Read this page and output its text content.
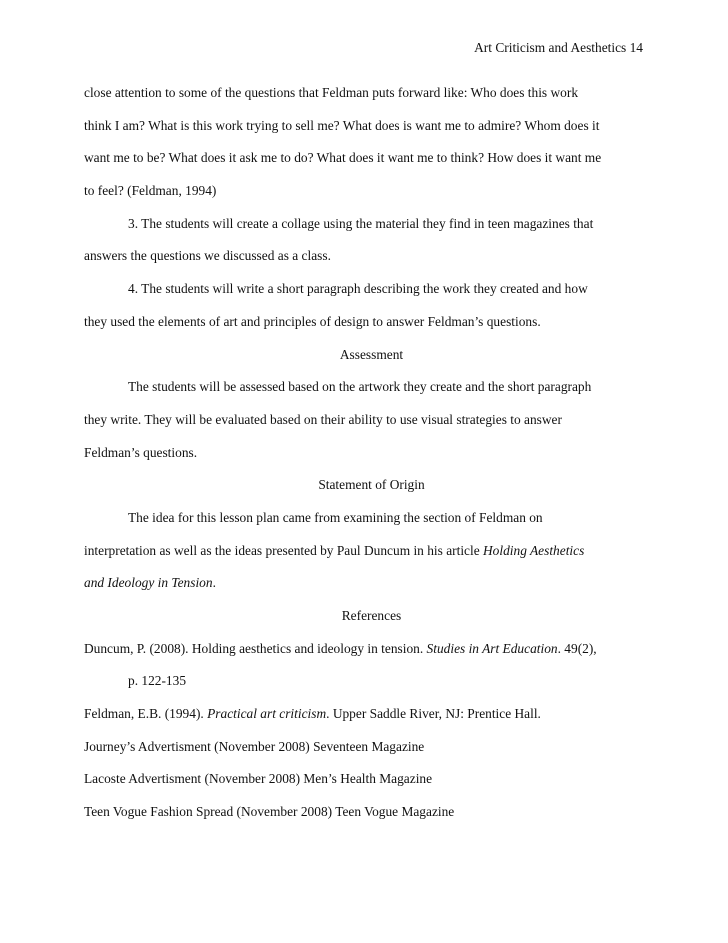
Art Criticism and Aesthetics 14
close attention to some of the questions that Feldman puts forward like: Who does this work
think I am? What is this work trying to sell me? What does is want me to admire? Whom does it
want me to be? What does it ask me to do? What does it want me to think? How does it want me
to feel? (Feldman, 1994)
3. The students will create a collage using the material they find in teen magazines that
answers the questions we discussed as a class.
4. The students will write a short paragraph describing the work they created and how
they used the elements of art and principles of design to answer Feldman’s questions.
Assessment
The students will be assessed based on the artwork they create and the short paragraph
they write. They will be evaluated based on their ability to use visual strategies to answer
Feldman’s questions.
Statement of Origin
The idea for this lesson plan came from examining the section of Feldman on
interpretation as well as the ideas presented by Paul Duncum in his article Holding Aesthetics
and Ideology in Tension.
References
Duncum, P. (2008). Holding aesthetics and ideology in tension. Studies in Art Education. 49(2),
p. 122-135
Feldman, E.B. (1994). Practical art criticism. Upper Saddle River, NJ: Prentice Hall.
Journey’s Advertisment (November 2008) Seventeen Magazine
Lacoste Advertisment (November 2008) Men’s Health Magazine
Teen Vogue Fashion Spread (November 2008) Teen Vogue Magazine
